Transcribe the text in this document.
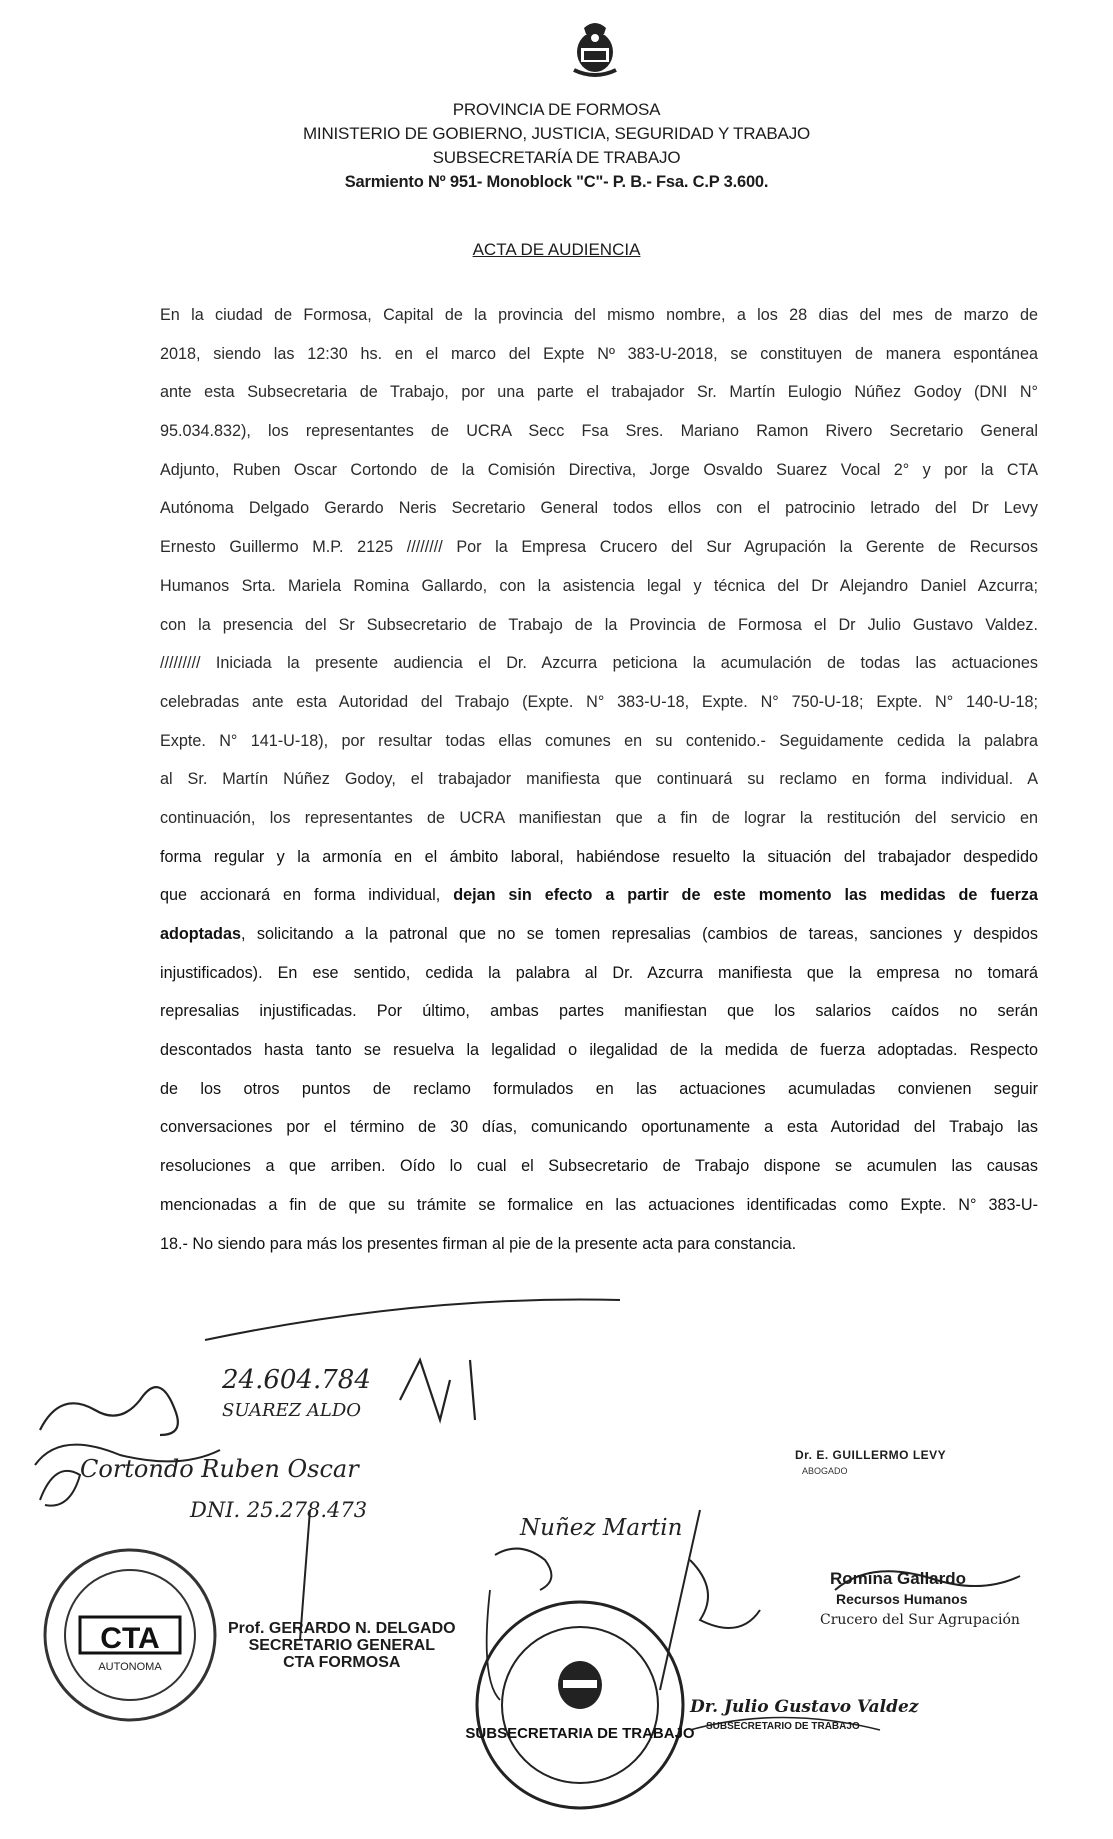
PROVINCIA DE FORMOSA
MINISTERIO DE GOBIERNO, JUSTICIA, SEGURIDAD Y TRABAJO
SUBSECRETARÍA DE TRABAJO
Sarmiento Nº 951- Monoblock "C"- P. B.- Fsa. C.P 3.600.
ACTA DE AUDIENCIA
En la ciudad de Formosa, Capital de la provincia del mismo nombre, a los 28 dias del mes de marzo de
2018, siendo las 12:30 hs. en el marco del Expte Nº 383-U-2018, se constituyen de manera espontánea
ante esta Subsecretaria de Trabajo, por una parte el trabajador Sr. Martín Eulogio Núñez Godoy (DNI N°
95.034.832), los representantes de UCRA Secc Fsa Sres. Mariano Ramon Rivero Secretario General
Adjunto, Ruben Oscar Cortondo de la Comisión Directiva, Jorge Osvaldo Suarez Vocal 2° y por la CTA
Autónoma Delgado Gerardo Neris Secretario General todos ellos con el patrocinio letrado del Dr Levy
Ernesto Guillermo M.P. 2125 //////// Por la Empresa Crucero del Sur Agrupación la Gerente de Recursos
Humanos Srta. Mariela Romina Gallardo, con la asistencia legal y técnica del Dr Alejandro Daniel Azcurra;
con la presencia del Sr Subsecretario de Trabajo de la Provincia de Formosa el Dr Julio Gustavo Valdez.
///////// Iniciada la presente audiencia el Dr. Azcurra peticiona la acumulación de todas las actuaciones
celebradas ante esta Autoridad del Trabajo (Expte. N° 383-U-18, Expte. N° 750-U-18; Expte. N° 140-U-18;
Expte. N° 141-U-18), por resultar todas ellas comunes en su contenido.- Seguidamente cedida la palabra
al Sr. Martín Núñez Godoy, el trabajador manifiesta que continuará su reclamo en forma individual. A
continuación, los representantes de UCRA manifiestan que a fin de lograr la restitución del servicio en
forma regular y la armonía en el ámbito laboral, habiéndose resuelto la situación del trabajador despedido
que accionará en forma individual, dejan sin efecto a partir de este momento las medidas de fuerza
adoptadas, solicitando a la patronal que no se tomen represalias (cambios de tareas, sanciones y despidos
injustificados). En ese sentido, cedida la palabra al Dr. Azcurra manifiesta que la empresa no tomará
represalias injustificadas. Por último, ambas partes manifiestan que los salarios caídos no serán
descontados hasta tanto se resuelva la legalidad o ilegalidad de la medida de fuerza adoptadas. Respecto
de los otros puntos de reclamo formulados en las actuaciones acumuladas convienen seguir
conversaciones por el término de 30 días, comunicando oportunamente a esta Autoridad del Trabajo las
resoluciones a que arriben. Oído lo cual el Subsecretario de Trabajo dispone se acumulen las causas
mencionadas a fin de que su trámite se formalice en las actuaciones identificadas como Expte. N° 383-U-
18.- No siendo para más los presentes firman al pie de la presente acta para constancia.
CTA
AUTONOMA
SUBSECRETARIA DE TRABAJO
24.604.784
SUAREZ ALDO
Cortondo Ruben Oscar
DNI. 25.278.473
Nuñez Martin
Prof. GERARDO N. DELGADO
SECRETARIO GENERAL
CTA FORMOSA
Dr. E. GUILLERMO LEVY
ABOGADO
Romina Gallardo
Recursos Humanos
Crucero del Sur Agrupación
Dr. Julio Gustavo Valdez
SUBSECRETARIO DE TRABAJO
